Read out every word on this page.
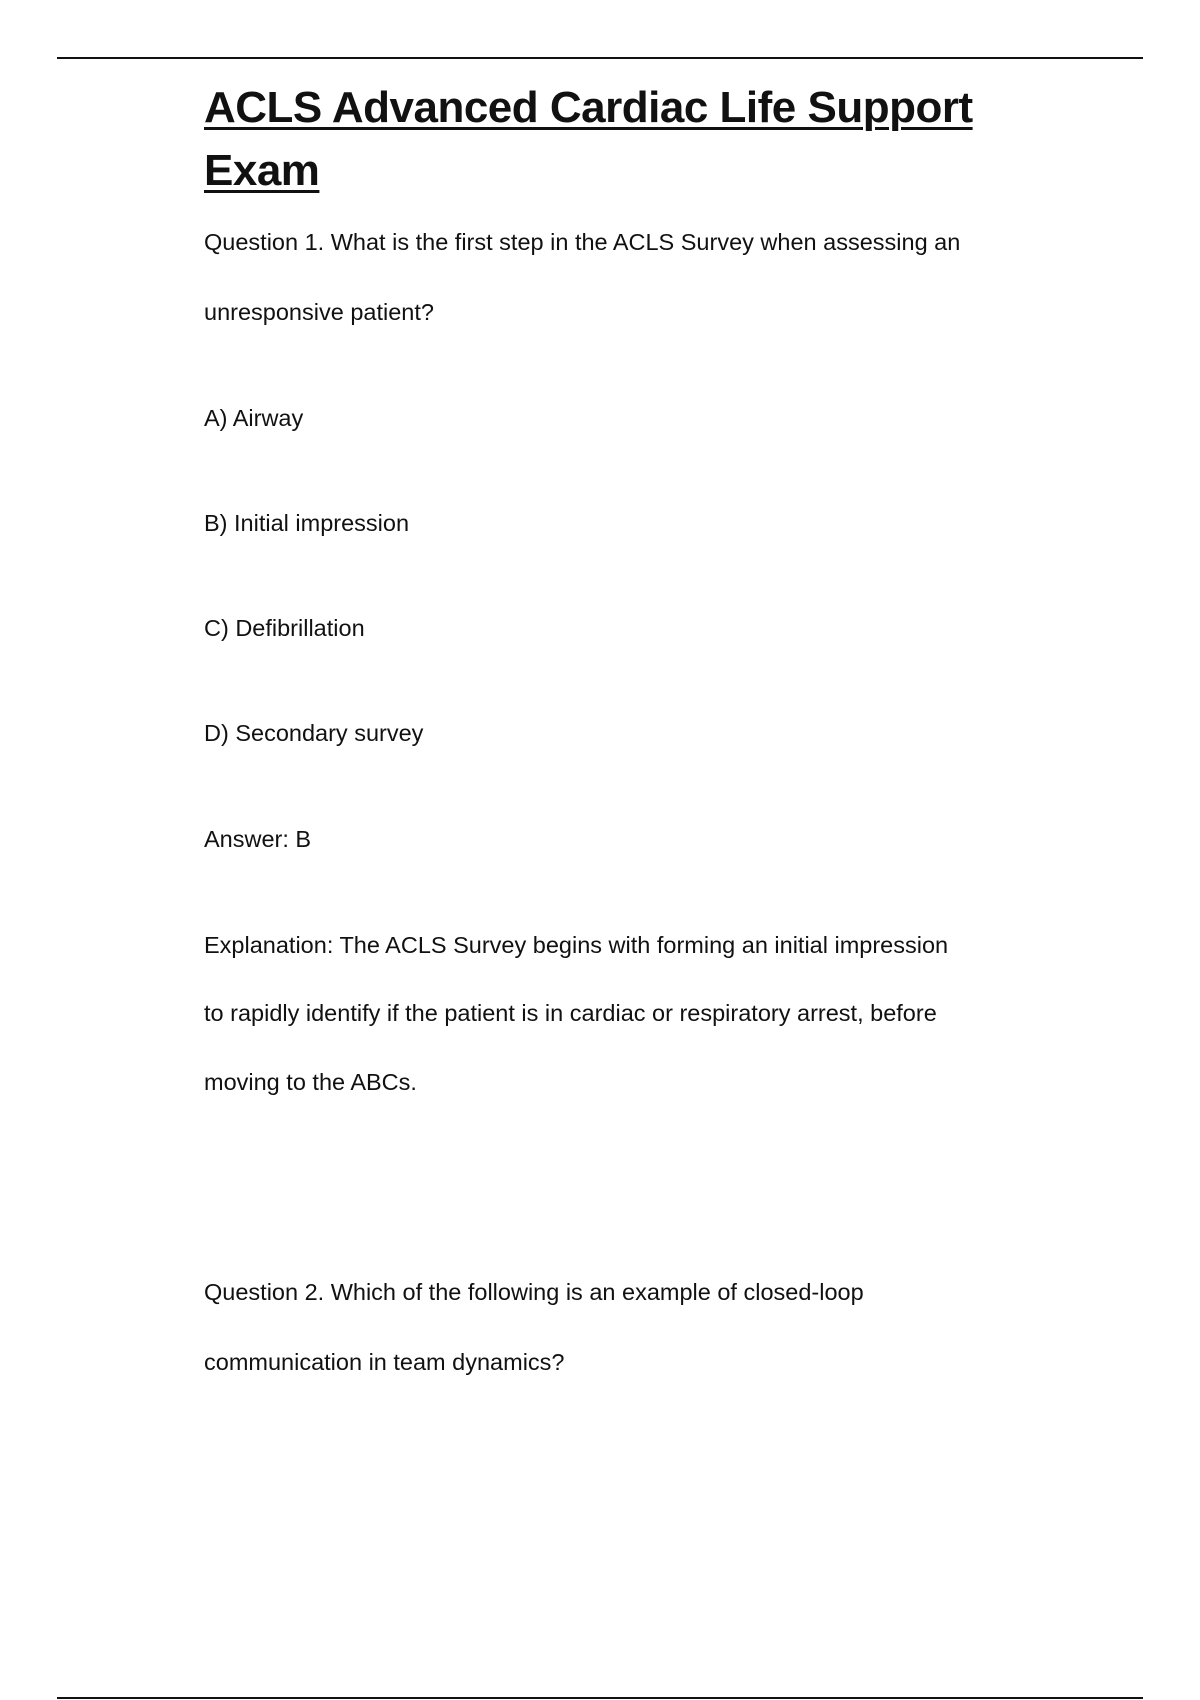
ACLS Advanced Cardiac Life Support
Exam

Question 1. What is the first step in the ACLS Survey when assessing an

unresponsive patient?

A) Airway

B) Initial impression

C) Defibrillation

D) Secondary survey

Answer: B

Explanation: The ACLS Survey begins with forming an initial impression

to rapidly identify if the patient is in cardiac or respiratory arrest, before

moving to the ABCs.

Question 2. Which of the following is an example of closed-loop

communication in team dynamics?
